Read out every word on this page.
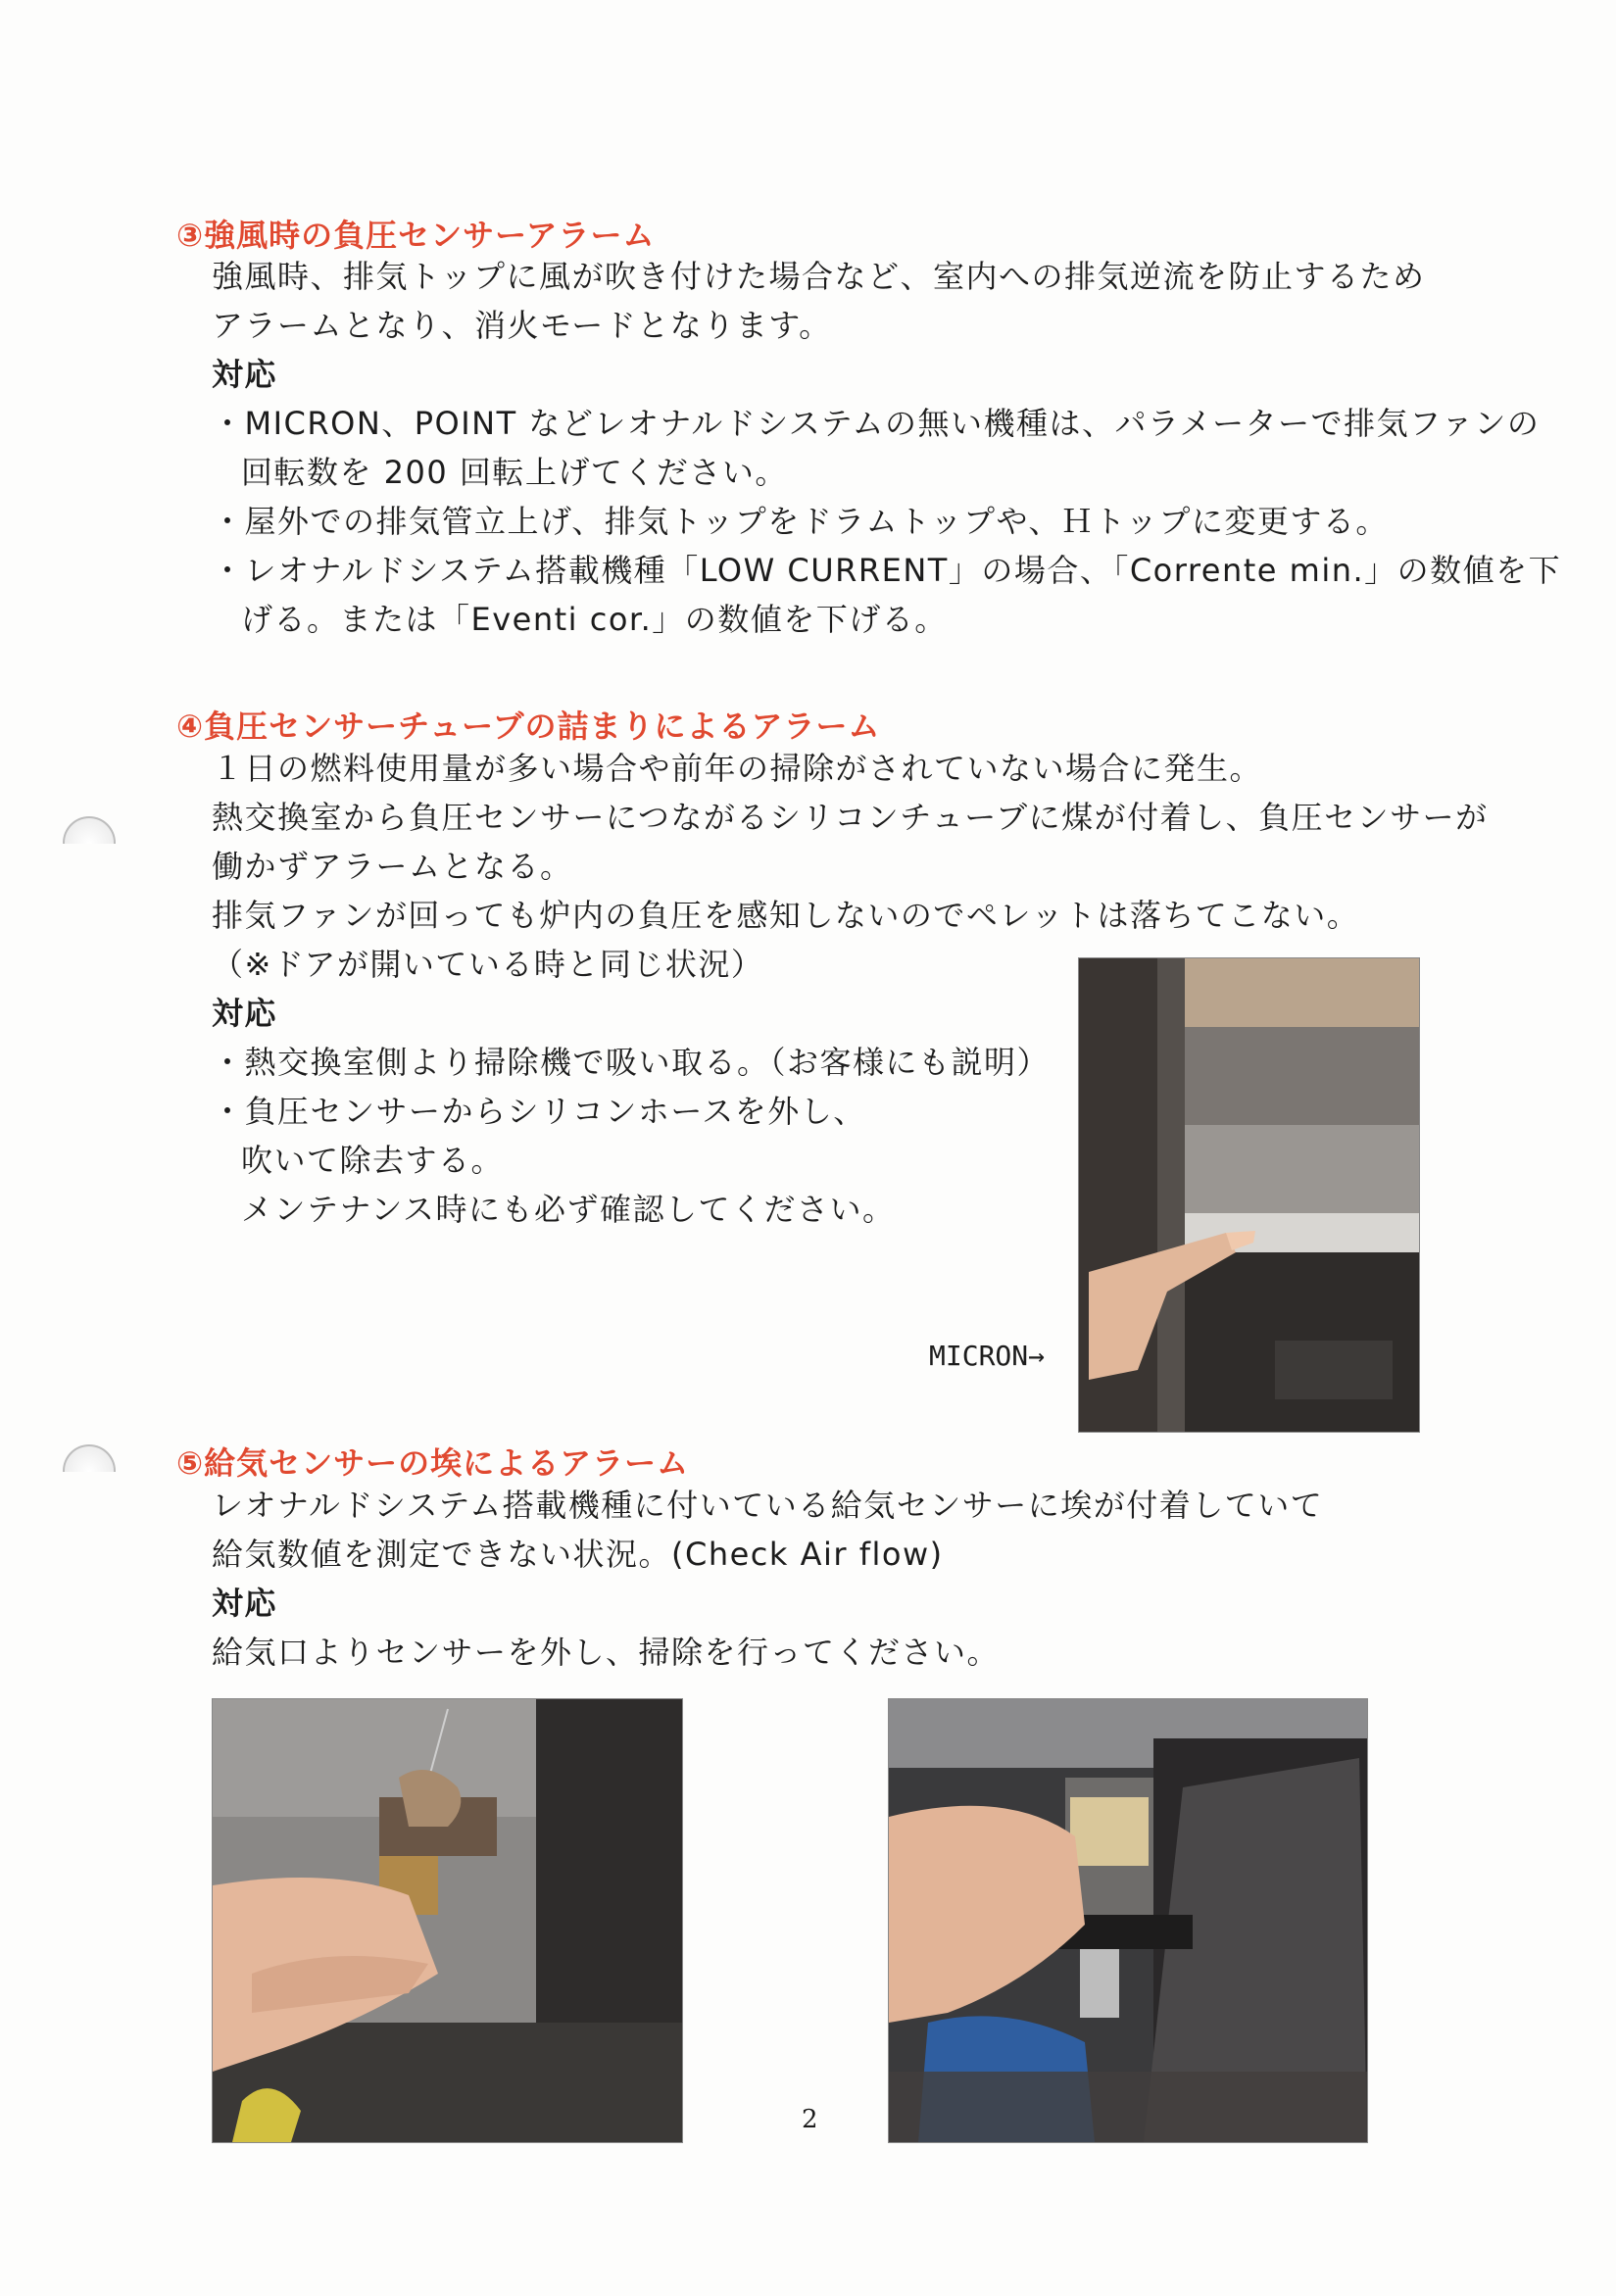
③強風時の負圧センサーアラーム
強風時、排気トップに風が吹き付けた場合など、室内への排気逆流を防止するため
アラームとなり、消火モードとなります。
対応
・MICRON、POINT などレオナルドシステムの無い機種は、パラメーターで排気ファンの
回転数を 200 回転上げてください。
・屋外での排気管立上げ、排気トップをドラムトップや、Ｈトップに変更する。
・レオナルドシステム搭載機種「LOW CURRENT」の場合、「Corrente min.」の数値を下
げる。または「Eventi cor.」の数値を下げる。
④負圧センサーチューブの詰まりによるアラーム
１日の燃料使用量が多い場合や前年の掃除がされていない場合に発生。
熱交換室から負圧センサーにつながるシリコンチューブに煤が付着し、負圧センサーが
働かずアラームとなる。
排気ファンが回っても炉内の負圧を感知しないのでペレットは落ちてこない。
（※ドアが開いている時と同じ状況）
対応
・熱交換室側より掃除機で吸い取る。（お客様にも説明）
・負圧センサーからシリコンホースを外し、
吹いて除去する。
メンテナンス時にも必ず確認してください。
MICRON→
⑤給気センサーの埃によるアラーム
レオナルドシステム搭載機種に付いている給気センサーに埃が付着していて
給気数値を測定できない状況。(Check Air flow)
対応
給気口よりセンサーを外し、掃除を行ってください。
2
